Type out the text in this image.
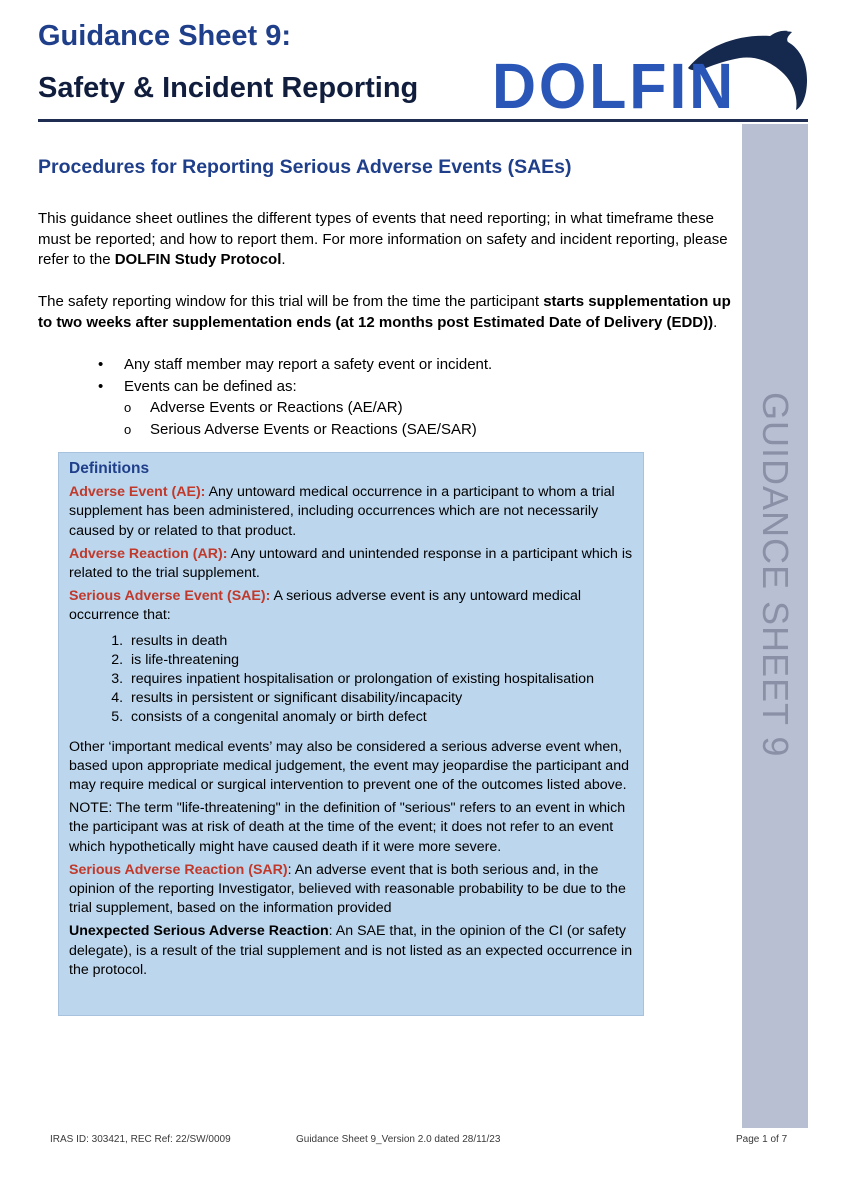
Guidance Sheet 9:
Safety & Incident Reporting DOLFIN
GUIDANCE SHEET 9
Procedures for Reporting Serious Adverse Events (SAEs)

This guidance sheet outlines the different types of events that need reporting; in what timeframe these must be reported; and how to report them. For more information on safety and incident reporting, please refer to the DOLFIN Study Protocol.

The safety reporting window for this trial will be from the time the participant starts supplementation up to two weeks after supplementation ends (at 12 months post Estimated Date of Delivery (EDD)).

• Any staff member may report a safety event or incident.
• Events can be defined as:
o Adverse Events or Reactions (AE/AR)
o Serious Adverse Events or Reactions (SAE/SAR)
Definitions

Adverse Event (AE): Any untoward medical occurrence in a participant to whom a trial supplement has been administered, including occurrences which are not necessarily caused by or related to that product.

Adverse Reaction (AR): Any untoward and unintended response in a participant which is related to the trial supplement.

Serious Adverse Event (SAE): A serious adverse event is any untoward medical occurrence that:

1. results in death
2. is life-threatening
3. requires inpatient hospitalisation or prolongation of existing hospitalisation
4. results in persistent or significant disability/incapacity
5. consists of a congenital anomaly or birth defect

Other ‘important medical events’ may also be considered a serious adverse event when, based upon appropriate medical judgement, the event may jeopardise the participant and may require medical or surgical intervention to prevent one of the outcomes listed above.

NOTE: The term "life-threatening" in the definition of "serious" refers to an event in which the participant was at risk of death at the time of the event; it does not refer to an event which hypothetically might have caused death if it were more severe.

Serious Adverse Reaction (SAR): An adverse event that is both serious and, in the opinion of the reporting Investigator, believed with reasonable probability to be due to the trial supplement, based on the information provided

Unexpected Serious Adverse Reaction: An SAE that, in the opinion of the CI (or safety delegate), is a result of the trial supplement and is not listed as an expected occurrence in the protocol.

IRAS ID: 303421, REC Ref: 22/SW/0009	Guidance Sheet 9_Version 2.0 dated 28/11/23	Page 1 of 7
